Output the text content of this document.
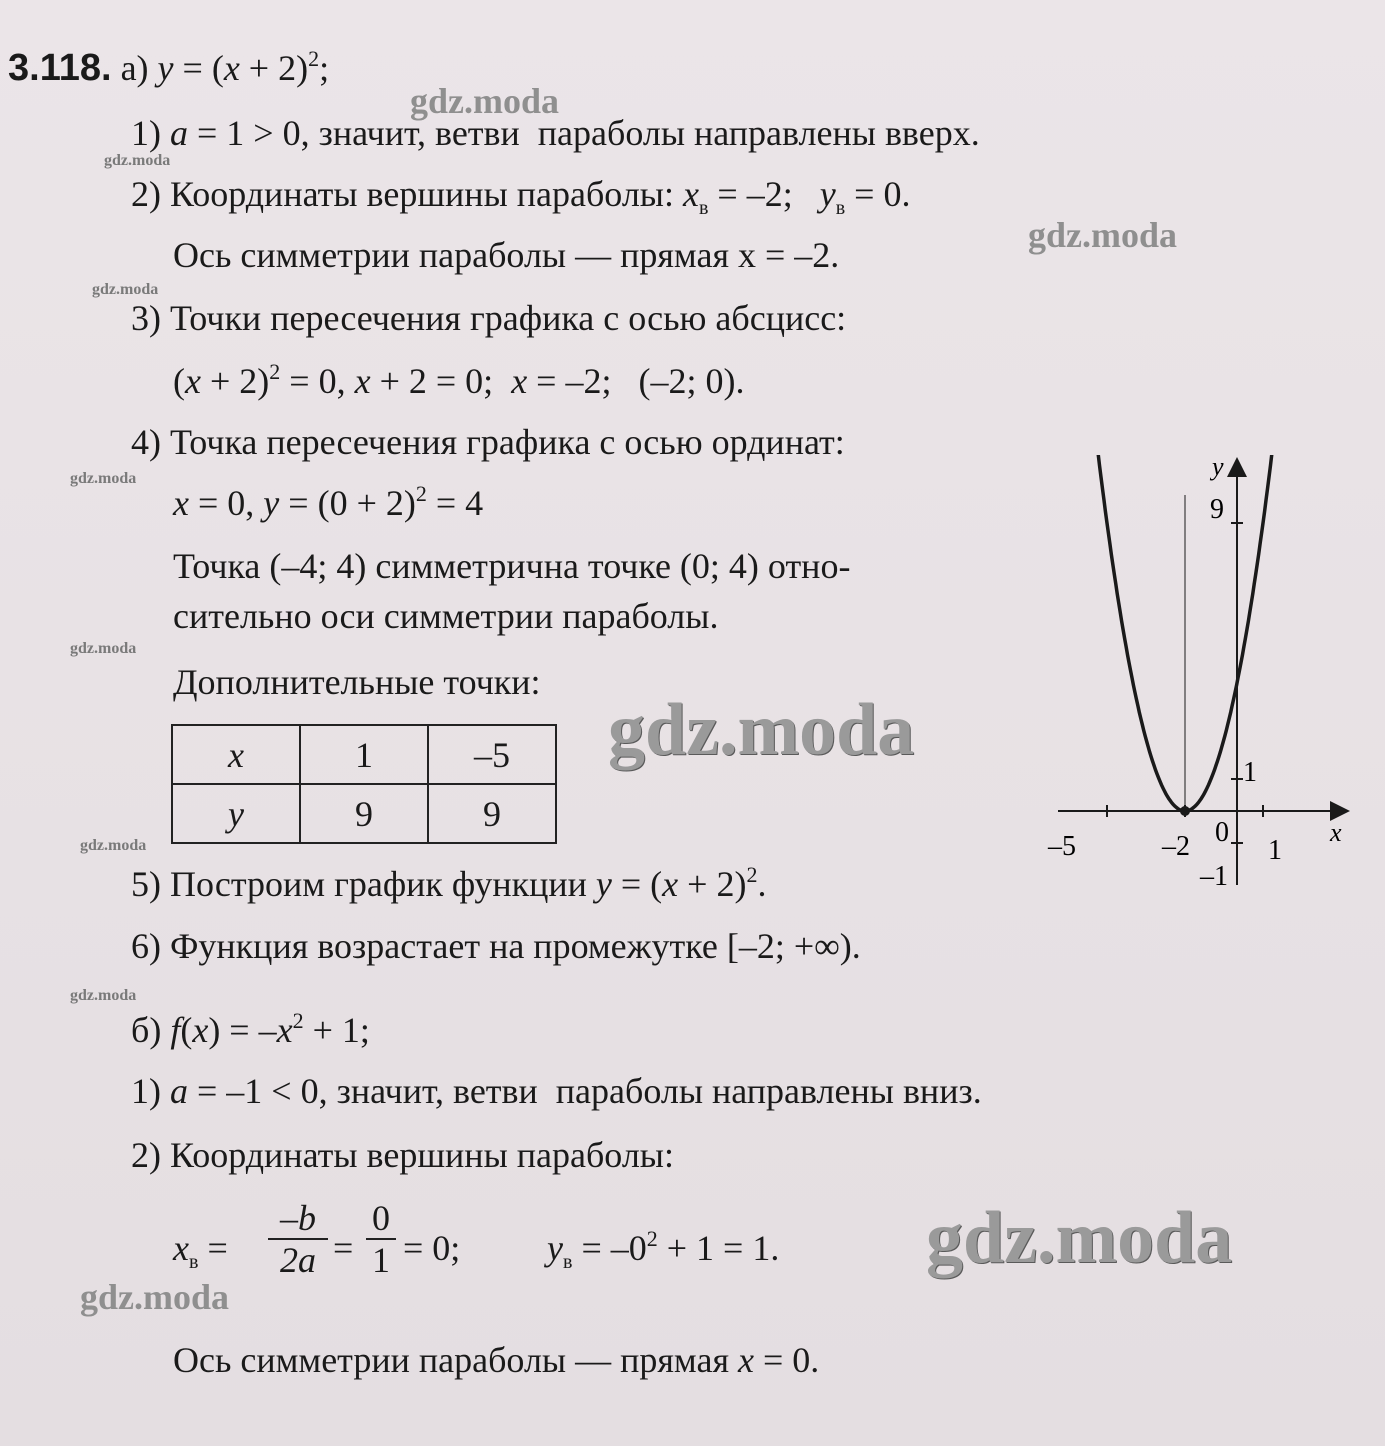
gdz.moda
gdz.moda
gdz.moda
gdz.moda
gdz.moda
gdz.moda
gdz.moda
gdz.moda
gdz.moda
gdz.moda
gdz.moda
3.118. а) $y = (x + 2)^2$;
1) a = 1 > 0, значит, ветви  параболы направлены вверх.
2) Координаты вершины параболы: $x_в = -2$;   $y_в = 0$.
Ось симметрии параболы — прямая x = –2.
3) Точки пересечения графика с осью абсцисс:
$(x + 2)^2 = 0$, x + 2 = 0;  x = –2;   (–2; 0).
4) Точка пересечения графика с осью ординат:
x = 0, $y = (0 + 2)^2 = 4$
Точка (–4; 4) симметрична точке (0; 4) отно-
сительно оси симметрии параболы.
Дополнительные точки:
x	1	–5
y	9	9
5) Построим график функции $y = (x + 2)^2$.
6) Функция возрастает на промежутке [–2; +∞).
б) $f(x) = -x^2 + 1$;
1) a = –1 < 0, значит, ветви  параболы направлены вниз.
2) Координаты вершины параболы:
$x_в = \frac{-b}{2a} = \frac{0}{1} = 0$; $y_в = -0^2 + 1 = 1$.
Ось симметрии параболы — прямая x = 0.
y
x
9
1
–1
–5	–2 0
1
